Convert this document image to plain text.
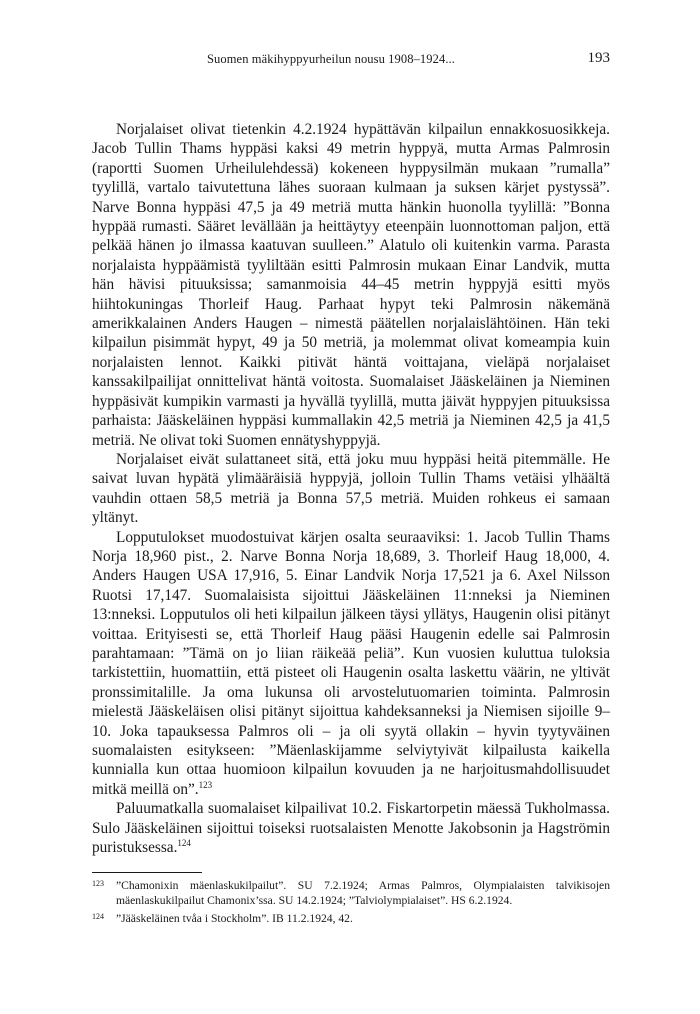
Suomen mäkihyppyurheilun nousu 1908–1924...	193

Norjalaiset olivat tietenkin 4.2.1924 hypättävän kilpailun ennakkosuosikkeja. Jacob Tullin Thams hyppäsi kaksi 49 metrin hyppyä, mutta Armas Palmrosin (raportti Suomen Urheilulehdessä) kokeneen hyppysilmän mukaan ”rumalla” tyylillä, vartalo taivutettuna lähes suoraan kulmaan ja suksen kärjet pystyssä”. Narve Bonna hyppäsi 47,5 ja 49 metriä mutta hänkin huonolla tyylillä: ”Bonna hyppää rumasti. Sääret levällään ja heittäytyy eteenpäin luonnottoman paljon, että pelkää hänen jo ilmassa kaatuvan suulleen.” Alatulo oli kuitenkin varma. Parasta norjalaista hyppäämistä tyyliltään esitti Palmrosin mukaan Einar Landvik, mutta hän hävisi pituuksissa; samanmoisia 44–45 metrin hyppyjä esitti myös hiihtokuningas Thorleif Haug. Parhaat hypyt teki Palmrosin näkemänä amerikkalainen Anders Haugen – nimestä päätellen norjalaislähtöinen. Hän teki kilpailun pisimmät hypyt, 49 ja 50 metriä, ja molemmat olivat komeampia kuin norjalaisten lennot. Kaikki pitivät häntä voittajana, vieläpä norjalaiset kanssakilpailijat onnittelivat häntä voitosta. Suomalaiset Jääskeläinen ja Nieminen hyppäsivät kumpikin varmasti ja hyvällä tyylillä, mutta jäivät hyppyjen pituuksissa parhaista: Jääskeläinen hyppäsi kummallakin 42,5 metriä ja Nieminen 42,5 ja 41,5 metriä. Ne olivat toki Suomen ennätyshyppyjä.

Norjalaiset eivät sulattaneet sitä, että joku muu hyppäsi heitä pitemmälle. He saivat luvan hypätä ylimääräisiä hyppyjä, jolloin Tullin Thams vetäisi ylhäältä vauhdin ottaen 58,5 metriä ja Bonna 57,5 metriä. Muiden rohkeus ei samaan yltänyt.

Lopputulokset muodostuivat kärjen osalta seuraaviksi: 1. Jacob Tullin Thams Norja 18,960 pist., 2. Narve Bonna Norja 18,689, 3. Thorleif Haug 18,000, 4. Anders Haugen USA 17,916, 5. Einar Landvik Norja 17,521 ja 6. Axel Nilsson Ruotsi 17,147. Suomalaisista sijoittui Jääskeläinen 11:nneksi ja Nieminen 13:nneksi. Lopputulos oli heti kilpailun jälkeen täysi yllätys, Haugenin olisi pitänyt voittaa. Erityisesti se, että Thorleif Haug pääsi Haugenin edelle sai Palmrosin parahtamaan: ”Tämä on jo liian räikeää peliä”. Kun vuosien kuluttua tuloksia tarkistettiin, huomattiin, että pisteet oli Haugenin osalta laskettu väärin, ne yltivät pronssimitalille. Ja oma lukunsa oli arvostelutuomarien toiminta. Palmrosin mielestä Jääskeläisen olisi pitänyt sijoittua kahdeksanneksi ja Niemisen sijoille 9–10. Joka tapauksessa Palmros oli – ja oli syytä ollakin – hyvin tyytyväinen suomalaisten esitykseen: ”Mäenlaskijamme selviytyivät kilpailusta kaikella kunnialla kun ottaa huomioon kilpailun kovuuden ja ne harjoitusmahdollisuudet mitkä meillä on”.$^{123}$

Paluumatkalla suomalaiset kilpailivat 10.2. Fiskartorpetin mäessä Tukholmassa. Sulo Jääskeläinen sijoittui toiseksi ruotsalaisten Menotte Jakobsonin ja Hagströmin puristuksessa.$^{124}$

123 ”Chamonixin mäenlaskukilpailut”. SU 7.2.1924; Armas Palmros, Olympialaisten talvikisojen mäenlaskukilpailut Chamonix’ssa. SU 14.2.1924; ”Talviolympialaiset”. HS 6.2.1924.
124 ”Jääskeläinen tvåa i Stockholm”. IB 11.2.1924, 42.
